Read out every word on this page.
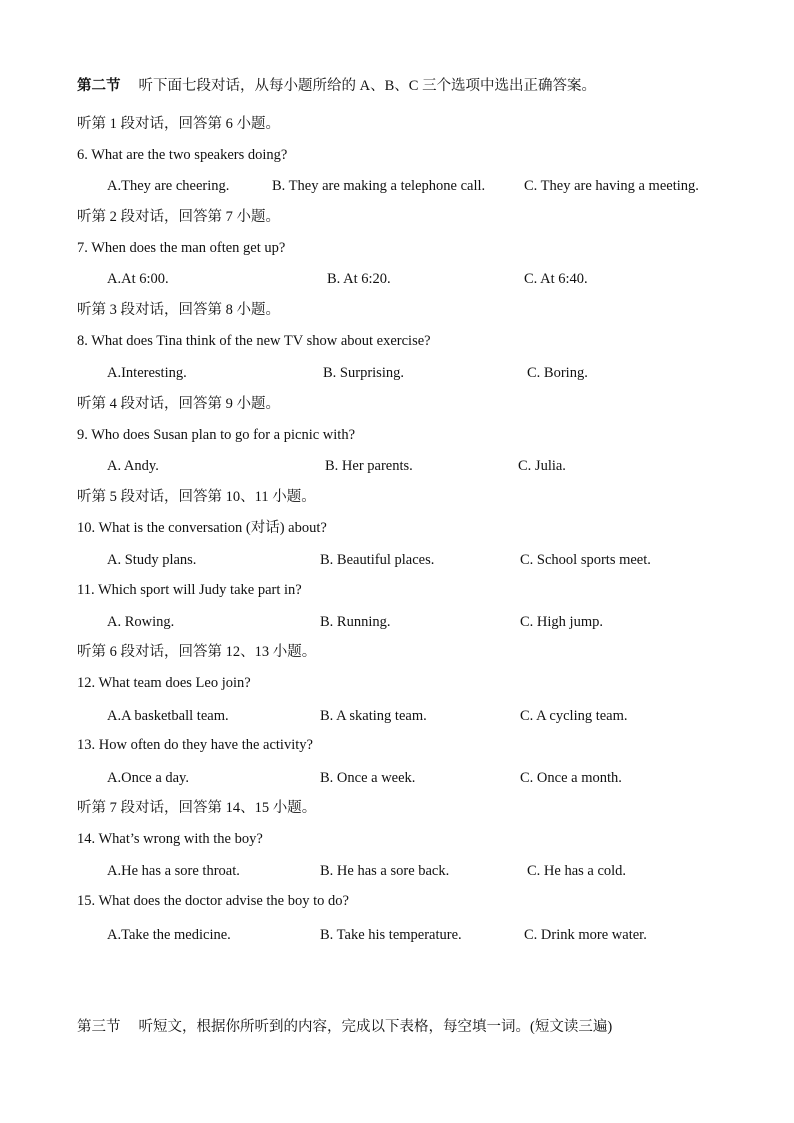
第二节 听下面七段对话，从每小题所给的 A、B、C 三个选项中选出正确答案。
听第 1 段对话，回答第 6 小题。
6. What are the two speakers doing?
A.They are cheering.	B. They are making a telephone call.	C. They are having a meeting.
听第 2 段对话，回答第 7 小题。
7. When does the man often get up?
A.At 6:00.	B. At 6:20.	C. At 6:40.
听第 3 段对话，回答第 8 小题。
8. What does Tina think of the new TV show about exercise?
A.Interesting.	B. Surprising.	C. Boring.
听第 4 段对话，回答第 9 小题。
9. Who does Susan plan to go for a picnic with?
A. Andy.	B. Her parents.	C. Julia.
听第 5 段对话，回答第 10、11 小题。
10. What is the conversation (对话) about?
A. Study plans.	B. Beautiful places.	C. School sports meet.
11. Which sport will Judy take part in?
A. Rowing.	B. Running.	C. High jump.
听第 6 段对话，回答第 12、13 小题。
12. What team does Leo join?
A.A basketball team.	B. A skating team.	C. A cycling team.
13. How often do they have the activity?
A.Once a day.	B. Once a week.	C. Once a month.
听第 7 段对话，回答第 14、15 小题。
14. What’s wrong with the boy?
A.He has a sore throat.	B. He has a sore back.	C. He has a cold.
15. What does the doctor advise the boy to do?
A.Take the medicine.	B. Take his temperature.	C. Drink more water.
第三节 听短文，根据你所听到的内容，完成以下表格，每空填一词。(短文读三遍)
